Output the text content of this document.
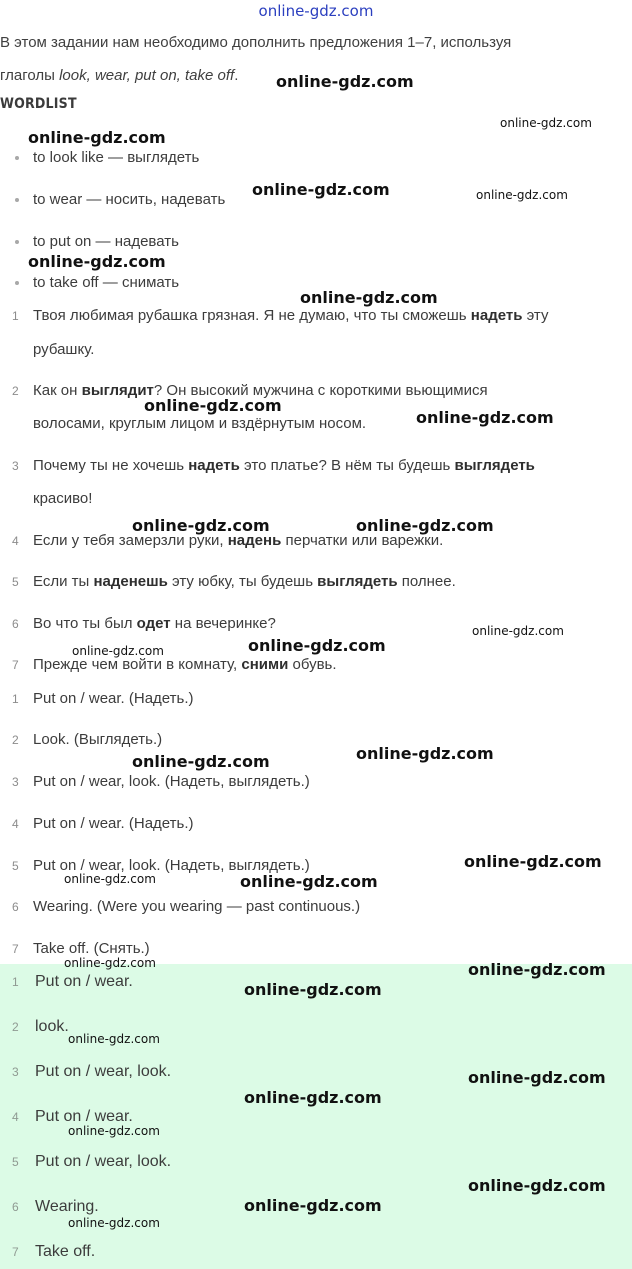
online-gdz.com
В этом задании нам необходимо дополнить предложения 1–7, используя
глаголы look, wear, put on, take off.
WORDLIST
to look like — выглядеть
to wear — носить, надевать
to put on — надевать
to take off — снимать
1 Твоя любимая рубашка грязная. Я не думаю, что ты сможешь надеть эту
рубашку.
2 Как он выглядит? Он высокий мужчина с короткими вьющимися
волосами, круглым лицом и вздёрнутым носом.
3 Почему ты не хочешь надеть это платье? В нём ты будешь выглядеть
красиво!
4 Если у тебя замерзли руки, надень перчатки или варежки.
5 Если ты наденешь эту юбку, ты будешь выглядеть полнее.
6 Во что ты был одет на вечеринке?
7 Прежде чем войти в комнату, сними обувь.
1 Put on / wear. (Надеть.)
2 Look. (Выглядеть.)
3 Put on / wear, look. (Надеть, выглядеть.)
4 Put on / wear. (Надеть.)
5 Put on / wear, look. (Надеть, выглядеть.)
6 Wearing. (Were you wearing — past continuous.)
7 Take off. (Снять.)
1 Put on / wear.
2 look.
3 Put on / wear, look.
4 Put on / wear.
5 Put on / wear, look.
6 Wearing.
7 Take off.
online-gdz.com
online-gdz.com
online-gdz.com
online-gdz.com	online-gdz.com
online-gdz.com
online-gdz.com
online-gdz.com
online-gdz.com
online-gdz.com	online-gdz.com
online-gdz.com
online-gdz.com
online-gdz.com
online-gdz.com
online-gdz.com
online-gdz.com
online-gdz.com	online-gdz.com
online-gdz.com	online-gdz.com
online-gdz.com
online-gdz.com
online-gdz.com
online-gdz.com
online-gdz.com
online-gdz.com
online-gdz.com
online-gdz.com
